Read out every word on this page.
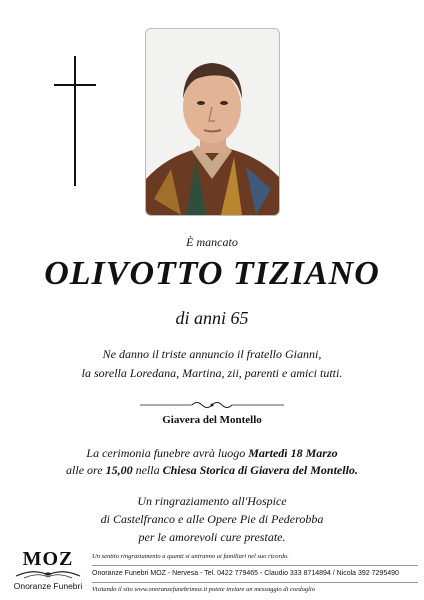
È mancato
OLIVOTTO TIZIANO
di anni 65
Ne danno il triste annuncio il fratello Gianni,
la sorella Loredana, Martina, zii, parenti e amici tutti.
Giavera del Montello
La cerimonia funebre avrà luogo Martedì 18 Marzo
alle ore 15,00 nella Chiesa Storica di Giavera del Montello.
Un ringraziamento all'Hospice
di Castelfranco e alle Opere Pie di Pederobba
per le amorevoli cure prestate.
MOZ
Onoranze Funebri
Un sentito ringraziamento a quanti si uniranno ai familiari nel suo ricordo.
Onoranze Funebri MOZ - Nervesa - Tel. 0422 779465 - Claudio 333 8714894 / Nicola 392 7295490
Visitando il sito www.onoranzefunebrimoz.it potete inviare un messaggio di cordoglio
